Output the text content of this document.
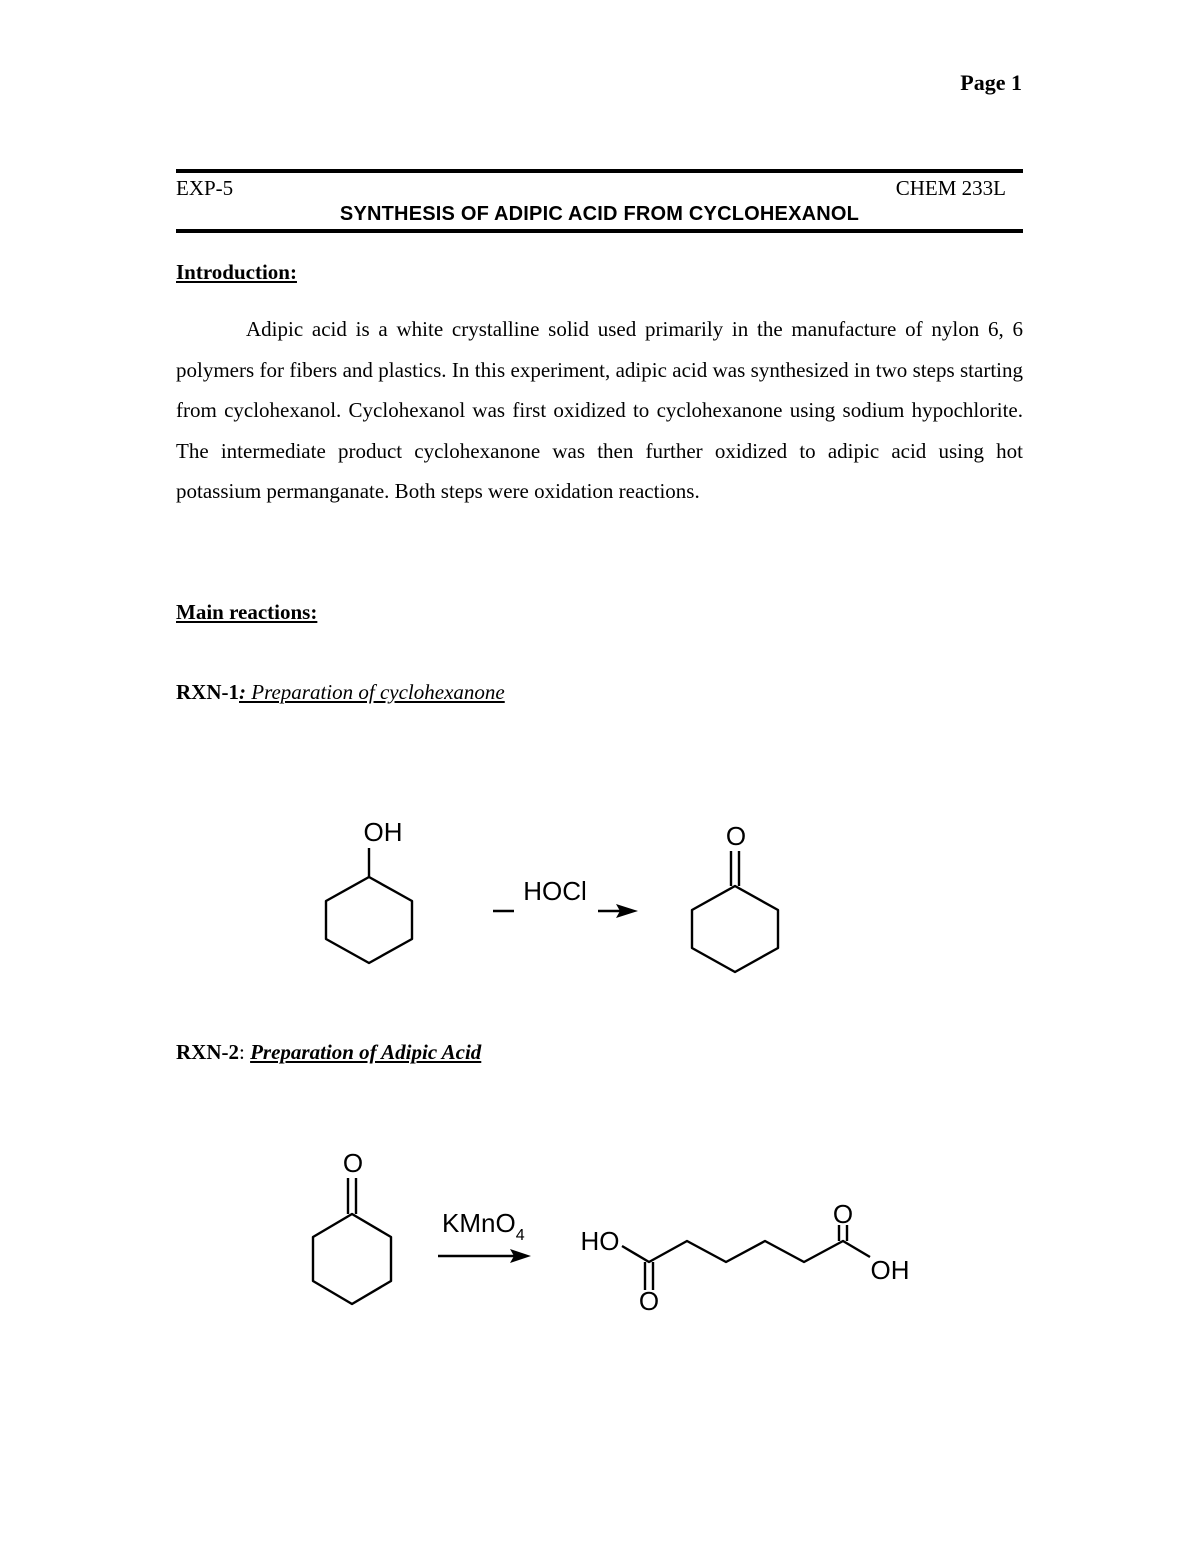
Page 1
EXP-5	CHEM 233L
SYNTHESIS OF ADIPIC ACID FROM CYCLOHEXANOL
Introduction:

Adipic acid is a white crystalline solid used primarily in the manufacture of nylon 6, 6 polymers for fibers and plastics. In this experiment, adipic acid was synthesized in two steps starting from cyclohexanol. Cyclohexanol was first oxidized to cyclohexanone using sodium hypochlorite. The intermediate product cyclohexanone was then further oxidized to adipic acid using hot potassium permanganate. Both steps were oxidation reactions.

Main reactions:
RXN-1: Preparation of cyclohexanone
RXN-2: Preparation of Adipic Acid
OH
HOCl
O
O
KMnO4 HO
O
O
OH
